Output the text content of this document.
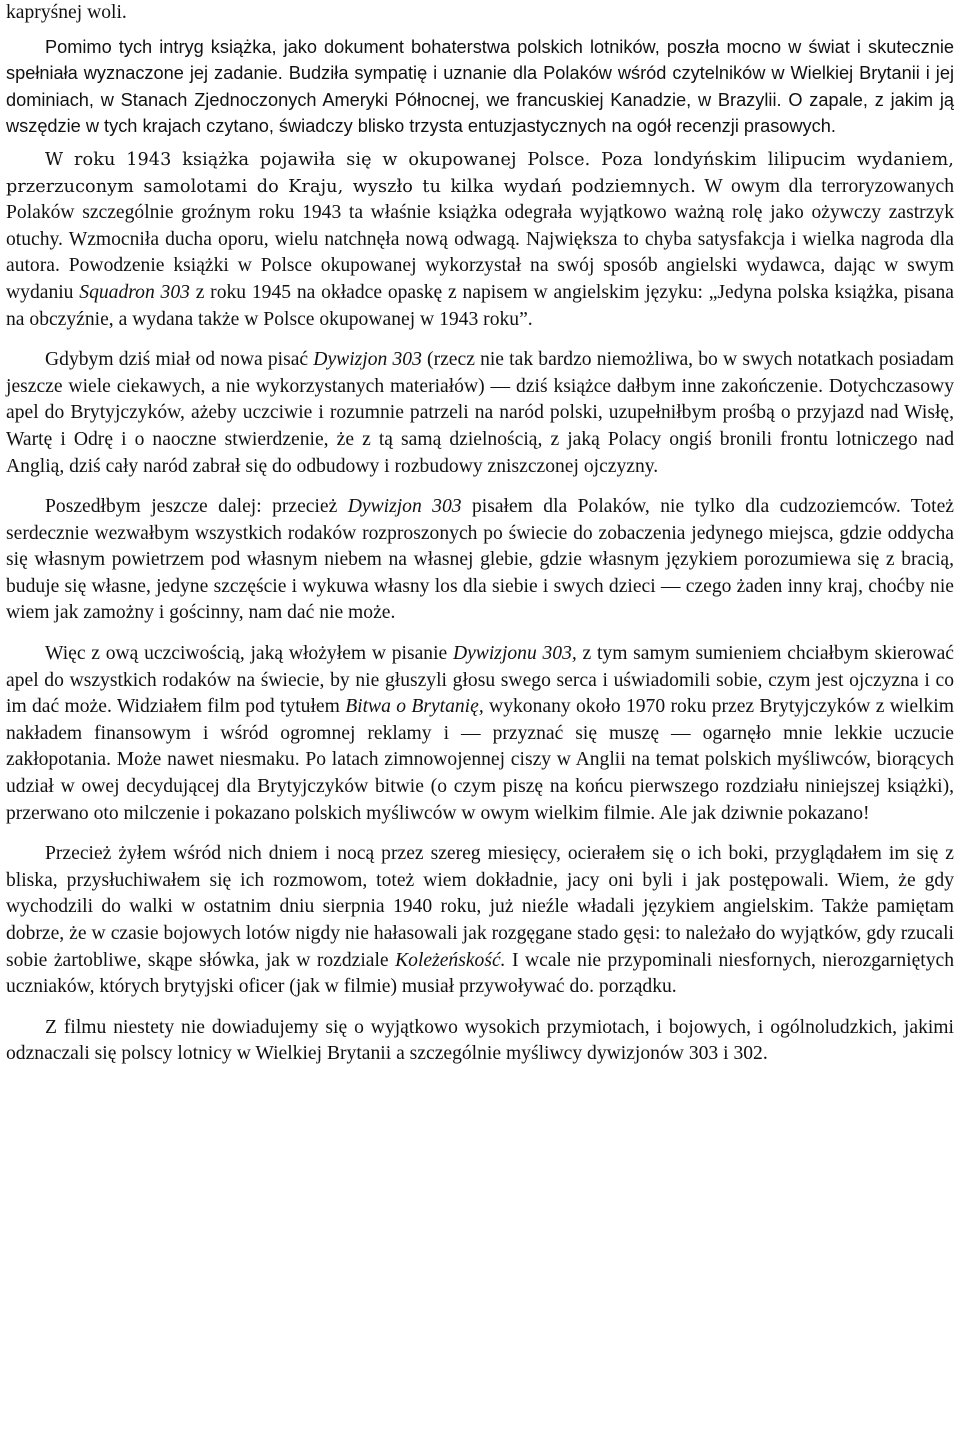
kapryśnej woli.

Pomimo tych intryg książka, jako dokument bohaterstwa polskich lotników, poszła mocno w świat i skutecznie spełniała wyznaczone jej zadanie. Budziła sympatię i uznanie dla Polaków wśród czytelników w Wielkiej Brytanii i jej dominiach, w Stanach Zjednoczonych Ameryki Północnej, we francuskiej Kanadzie, w Brazylii. O zapale, z jakim ją wszędzie w tych krajach czytano, świadczy blisko trzysta entuzjastycznych na ogół recenzji prasowych.

W roku 1943 książka pojawiła się w okupowanej Polsce. Poza londyńskim lilipucim wydaniem, przerzuconym samolotami do Kraju, wyszło tu kilka wydań podziemnych. W owym dla terroryzowanych Polaków szczególnie groźnym roku 1943 ta właśnie książka odegrała wyjątkowo ważną rolę jako ożywczy zastrzyk otuchy. Wzmocniła ducha oporu, wielu natchnęła nową odwagą. Największa to chyba satysfakcja i wielka nagroda dla autora. Powodzenie książki w Polsce okupowanej wykorzystał na swój sposób angielski wydawca, dając w swym wydaniu Squadron 303 z roku 1945 na okładce opaskę z napisem w angielskim języku: „Jedyna polska książka, pisana na obczyźnie, a wydana także w Polsce okupowanej w 1943 roku”.

Gdybym dziś miał od nowa pisać Dywizjon 303 (rzecz nie tak bardzo niemożliwa, bo w swych notatkach posiadam jeszcze wiele ciekawych, a nie wykorzystanych materiałów) — dziś książce dałbym inne zakończenie. Dotychczasowy apel do Brytyjczyków, ażeby uczciwie i rozumnie patrzeli na naród polski, uzupełniłbym prośbą o przyjazd nad Wisłę, Wartę i Odrę i o naoczne stwierdzenie, że z tą samą dzielnością, z jaką Polacy ongiś bronili frontu lotniczego nad Anglią, dziś cały naród zabrał się do odbudowy i rozbudowy zniszczonej ojczyzny.

Poszedłbym jeszcze dalej: przecież Dywizjon 303 pisałem dla Polaków, nie tylko dla cudzoziemców. Toteż serdecznie wezwałbym wszystkich rodaków rozproszonych po świecie do zobaczenia jedynego miejsca, gdzie oddycha się własnym powietrzem pod własnym niebem na własnej glebie, gdzie własnym językiem porozumiewa się z bracią, buduje się własne, jedyne szczęście i wykuwa własny los dla siebie i swych dzieci — czego żaden inny kraj, choćby nie wiem jak zamożny i gościnny, nam dać nie może.

Więc z ową uczciwością, jaką włożyłem w pisanie Dywizjonu 303, z tym samym sumieniem chciałbym skierować apel do wszystkich rodaków na świecie, by nie głuszyli głosu swego serca i uświadomili sobie, czym jest ojczyzna i co im dać może. Widziałem film pod tytułem Bitwa o Brytanię, wykonany około 1970 roku przez Brytyjczyków z wielkim nakładem finansowym i wśród ogromnej reklamy i — przyznać się muszę — ogarnęło mnie lekkie uczucie zakłopotania. Może nawet niesmaku. Po latach zimnowojennej ciszy w Anglii na temat polskich myśliwców, biorących udział w owej decydującej dla Brytyjczyków bitwie (o czym piszę na końcu pierwszego rozdziału niniejszej książki), przerwano oto milczenie i pokazano polskich myśliwców w owym wielkim filmie. Ale jak dziwnie pokazano!

Przecież żyłem wśród nich dniem i nocą przez szereg miesięcy, ocierałem się o ich boki, przyglądałem im się z bliska, przysłuchiwałem się ich rozmowom, toteż wiem dokładnie, jacy oni byli i jak postępowali. Wiem, że gdy wychodzili do walki w ostatnim dniu sierpnia 1940 roku, już nieźle władali językiem angielskim. Także pamiętam dobrze, że w czasie bojowych lotów nigdy nie hałasowali jak rozgęgane stado gęsi: to należało do wyjątków, gdy rzucali sobie żartobliwe, skąpe słówka, jak w rozdziale Koleżeńskość. I wcale nie przypominali niesfornych, nierozgarniętych uczniaków, których brytyjski oficer (jak w filmie) musiał przywoływać do. porządku.

Z filmu niestety nie dowiadujemy się o wyjątkowo wysokich przymiotach, i bojowych, i ogólnoludzkich, jakimi odznaczali się polscy lotnicy w Wielkiej Brytanii a szczególnie myśliwcy dywizjonów 303 i 302.
